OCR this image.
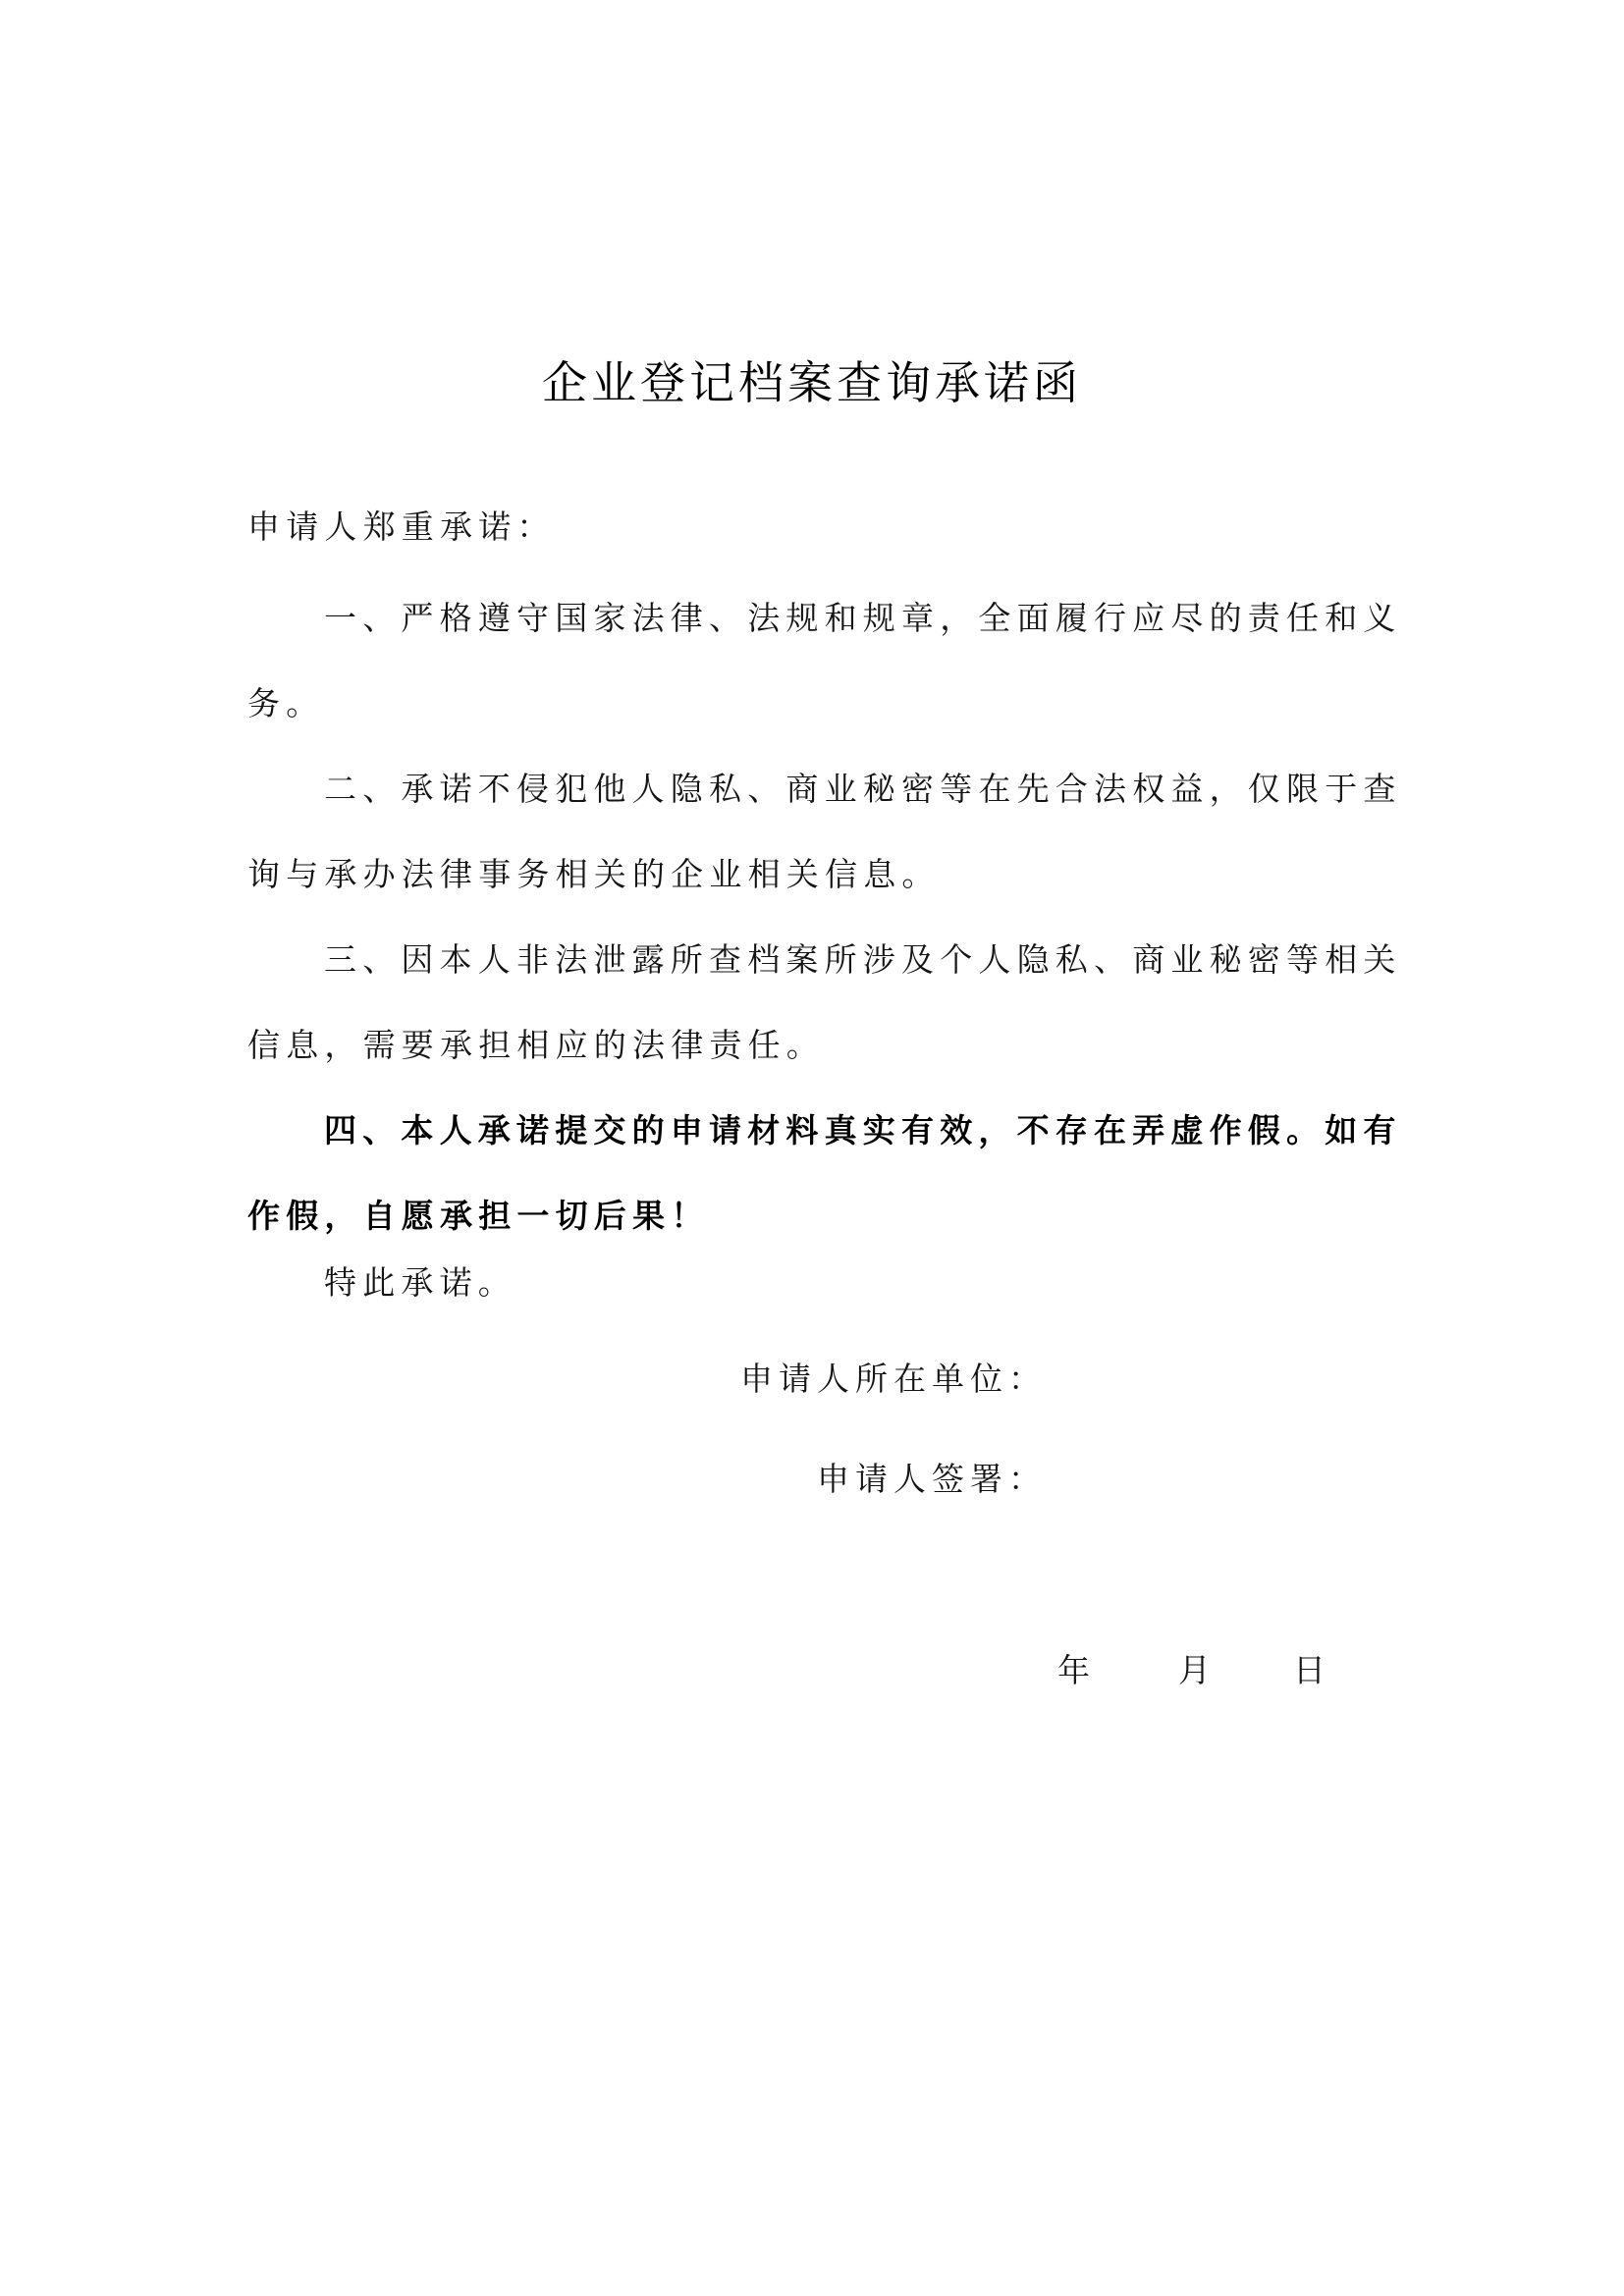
企业登记档案查询承诺函
申请人郑重承诺：
一、严格遵守国家法律、法规和规章，全面履行应尽的责任和义
务。
二、承诺不侵犯他人隐私、商业秘密等在先合法权益，仅限于查
询与承办法律事务相关的企业相关信息。
三、因本人非法泄露所查档案所涉及个人隐私、商业秘密等相关
信息，需要承担相应的法律责任。
四、本人承诺提交的申请材料真实有效，不存在弄虚作假。如有
作假，自愿承担一切后果！
特此承诺。
申请人所在单位：
申请人签署：
年	月	日
